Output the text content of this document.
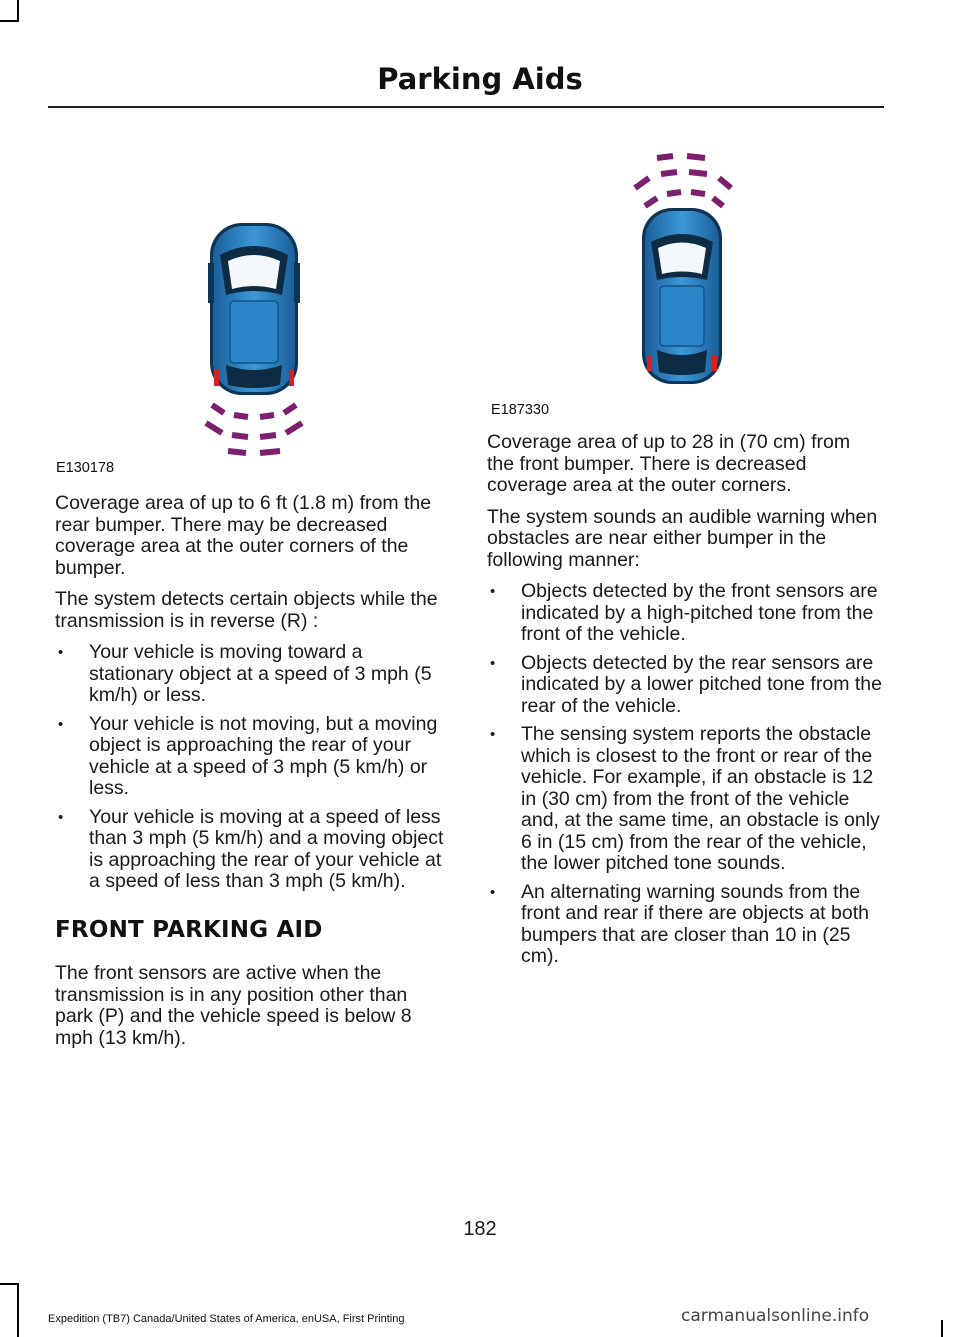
Parking Aids
E130178
E187330

Coverage area of up to 6 ft (1.8 m) from the rear bumper. There may be decreased coverage area at the outer corners of the bumper.

The system detects certain objects while the transmission is in reverse (R) :

• Your vehicle is moving toward a stationary object at a speed of 3 mph (5 km/h) or less.
• Your vehicle is not moving, but a moving object is approaching the rear of your vehicle at a speed of 3 mph (5 km/h) or less.
• Your vehicle is moving at a speed of less than 3 mph (5 km/h) and a moving object is approaching the rear of your vehicle at a speed of less than 3 mph (5 km/h).

FRONT PARKING AID

The front sensors are active when the transmission is in any position other than park (P) and the vehicle speed is below 8 mph (13 km/h).

Coverage area of up to 28 in (70 cm) from the front bumper. There is decreased coverage area at the outer corners.

The system sounds an audible warning when obstacles are near either bumper in the following manner:

• Objects detected by the front sensors are indicated by a high-pitched tone from the front of the vehicle.
• Objects detected by the rear sensors are indicated by a lower pitched tone from the rear of the vehicle.
• The sensing system reports the obstacle which is closest to the front or rear of the vehicle. For example, if an obstacle is 12 in (30 cm) from the front of the vehicle and, at the same time, an obstacle is only 6 in (15 cm) from the rear of the vehicle, the lower pitched tone sounds.
• An alternating warning sounds from the front and rear if there are objects at both bumpers that are closer than 10 in (25 cm).
182
Expedition (TB7) Canada/United States of America, enUSA, First Printing	carmanualsonline.info
